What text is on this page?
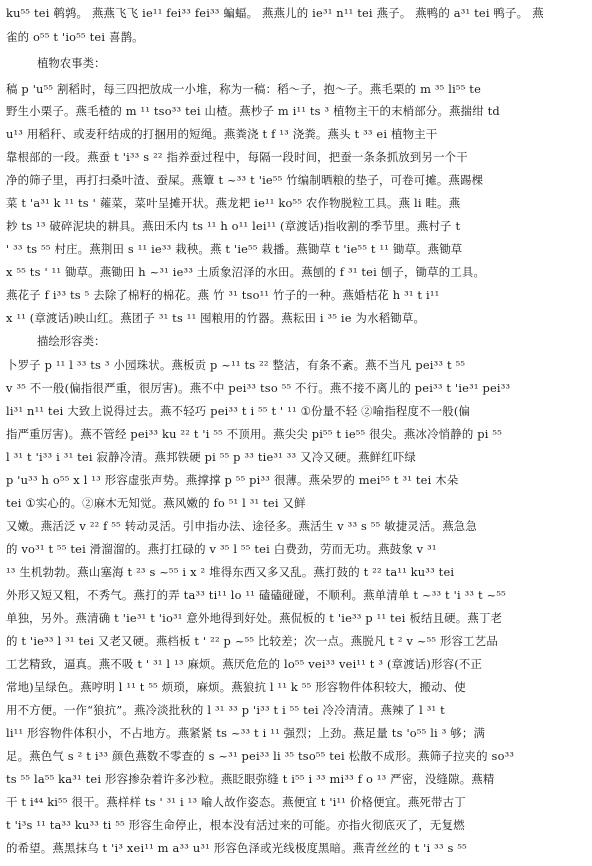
ku⁵⁵ tei 鹌鹑。 燕燕飞飞 ie¹¹ fei³³ fei³³ 蝙蝠。 燕燕儿的 ie³¹ n¹¹ tei 燕子。 燕鸭的 a³¹ tei 鸭子。 燕
雀的 o⁵⁵ t 'io⁵⁵ tei 喜鹊。
植物农事类：
稿 p 'u⁵⁵ 割稻时，每三四把放成一小堆，称为一稿：稻～子，抱～子。燕毛栗的 m ³⁵ li⁵⁵ te
野生小栗子。燕毛楂的 m ¹¹ tso³³ tei 山楂。燕杪子 m i¹¹ ts ³ 植物主干的末梢部分。燕揣绀 td
u¹³ 用稻秆、或麦秆结成的打捆用的短绳。燕粪浇 t f ¹³ 浇粪。燕头 t ³³ ei 植物主干
靠根部的一段。燕蚕 t 'i³³ s ²² 指养蚕过程中，每隔一段时间，把蚕一条条抓放到另一个干
净的筛子里，再打扫桑叶渣、蚕屎。燕簟 t ~³³ t 'ie⁵⁵ 竹编制晒粮的垫子，可卷可摊。燕踢棵
菜 t 'a³¹ k ¹¹ ts ' 蕹菜，菜叶呈摊开状。燕龙耙 ie¹¹ ko⁵⁵ 农作物脱粒工具。燕 li 畦。燕
耖 ts ¹³ 破碎泥块的耕具。燕田禾内 ts ¹¹ h o¹¹ lei¹¹ (章渡话)指收割的季节里。燕村子 t
' ³³ ts ⁵⁵ 村庄。燕荆田 s ¹¹ ie³³ 栽秧。燕 t 'ie⁵⁵ 栽播。燕锄草 t 'ie⁵⁵ t ¹¹ 锄草。燕锄草
x ⁵⁵ ts ' ¹¹ 锄草。燕锄田 h ~³¹ ie³³ 土质象沼泽的水田。燕刨的 f ³¹ tei 刨子，锄草的工具。
燕花子 f i³³ ts ⁵ 去除了棉籽的棉花。燕 竹 ³¹ tso¹¹ 竹子的一种。燕婚桔花 h ³¹ t i¹¹
x ¹¹ (章渡话)映山红。燕团子 ³¹ ts ¹¹ 囤粮用的竹器。燕耘田 i ³⁵ ie 为水稻锄草。
描绘形容类：
卜罗子 p ¹¹ l ³³ ts ³ 小园珠状。燕板贡 p ~¹¹ ts ²² 整洁，有条不紊。燕不当凡 pei³³ t ⁵⁵
v ³⁵ 不一般(偏指很严重，很厉害)。燕不中 pei³³ tso ⁵⁵ 不行。燕不接不离儿的 pei³³ t 'ie³¹ pei³³
li³¹ n¹¹ tei 大致上说得过去。燕不轻巧 pei³³ t i ⁵⁵ t ' ¹¹ ①份量不轻 ②喻指程度不一般(偏
指严重厉害)。燕不管经 pei³³ ku ²² t 'i ⁵⁵ 不顶用。燕尖尖 pi⁵⁵ t ie⁵⁵ 很尖。燕冰冷悄静的 pi ⁵⁵
l ³¹ t 'i³³ i ³¹ tei 寂静冷清。燕邦铁硬 pi ⁵⁵ p ³³ tie³¹ ³³ 又冷又硬。燕鲜红吓绿
p 'u³³ h o⁵⁵ x l ¹³ 形容虚张声势。燕撑撑 p ⁵⁵ pi³³ 很薄。燕朵罗的 mei⁵⁵ t ³¹ tei 木朵
tei ①实心的。②麻木无知觉。燕风嫩的 fo ⁵¹ l ³¹ tei 又鲜
又嫩。燕活泛 v ²² f ⁵⁵ 转动灵活。引申指办法、途径多。燕活生 v ³³ s ⁵⁵ 敏捷灵活。燕急急
的 vo³¹ t ⁵⁵ tei 滑溜溜的。燕打扛碌的 v ³⁵ l ⁵⁵ tei 白费劲，劳而无功。燕鼓象 v ³¹
¹³ 生机勃勃。燕山塞海 t ²³ s ~⁵⁵ i x ² 堆得东西又多又乱。燕打鼓的 t ²² ta¹¹ ku³³ tei
外形又短又粗，不秀气。燕打的弄 ta³³ ti¹¹ lo ¹¹ 磕磕碰碰，不顺利。燕单清单 t ~³³ t 'i ³³ t ~⁵⁵
单独，另外。燕清确 t 'ie³¹ t 'io³¹ 意外地得到好处。燕侃板的 t 'ie³³ p ¹¹ tei 板结且硬。燕丁老
的 t 'ie³³ l ³¹ tei 又老又硬。燕档板 t ' ²² p ~⁵⁵ 比较差；次一点。燕脱凡 t ² v ~⁵⁵ 形容工艺品
工艺精致，逼真。燕不吸 t ' ³¹ l ¹³ 麻烦。燕厌危危的 lo⁵⁵ vei³³ vei¹¹ t ³ (章渡话)形容(不正
常地)呈绿色。燕哼明 l ¹¹ t ⁵⁵ 烦琐，麻烦。燕狼抗 l ¹¹ k ⁵⁵ 形容物件体积较大，搬动、使
用不方便。一作“狼抗”。燕冷淡批秋的 l ³¹ ³³ p 'i³³ t i ⁵⁵ tei 冷冷清清。燕辣了 l ³¹ t
li¹¹ 形容物件体积小，不占地方。燕紧紧 ts ~³³ t i ¹¹ 强烈；上劲。燕足量 ts 'o⁵⁵ li ³ 够；满
足。燕色气 s ² t i³³ 颜色燕数不零查的 s ~³¹ pei³³ li ³⁵ tso⁵⁵ tei 松散不成形。燕筛子拉夹的 so³³
ts ⁵⁵ la⁵⁵ ka³¹ tei 形容掺杂着许多沙粒。燕眨眼弥缝 t i⁵⁵ i ³³ mi³³ f o ¹³ 严密，没缝隙。燕精
干 t i⁴⁴ ki⁵⁵ 很干。燕样样 ts ' ³¹ i ¹³ 喻人故作姿态。燕便宜 t 'i¹¹ 价格便宜。燕死带古丁
t 'i³s ¹¹ ta³³ ku³³ ti ⁵⁵ 形容生命停止，根本没有活过来的可能。亦指火彻底灭了，无复燃
的希望。燕黑抹乌 t 'i³ xei¹¹ m a³³ u³¹ 形容色泽或光线极度黑暗。燕青丝丝的 t 'i ³³ s ⁵⁵
